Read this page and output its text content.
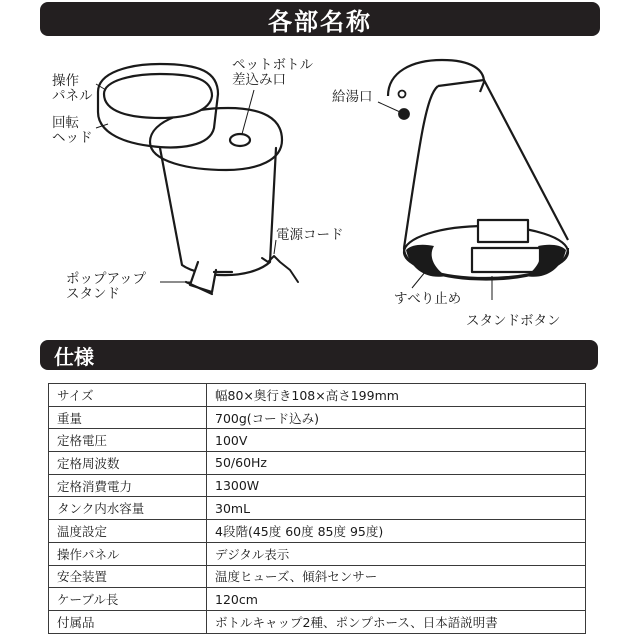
各部名称
操作
パネル
回転
ヘッド
ペットボトル
差込み口
電源コード
ポップアップ
スタンド
給湯口
すべり止め
スタンドボタン
仕様
サイズ	幅80×奥行き108×高さ199mm
重量	700g(コード込み)
定格電圧	100V
定格周波数	50/60Hz
定格消費電力	1300W
タンク内水容量	30mL
温度設定	4段階(45度 60度 85度 95度)
操作パネル	デジタル表示
安全装置	温度ヒューズ、傾斜センサー
ケーブル長	120cm
付属品	ボトルキャップ2種、ポンプホース、日本語説明書
